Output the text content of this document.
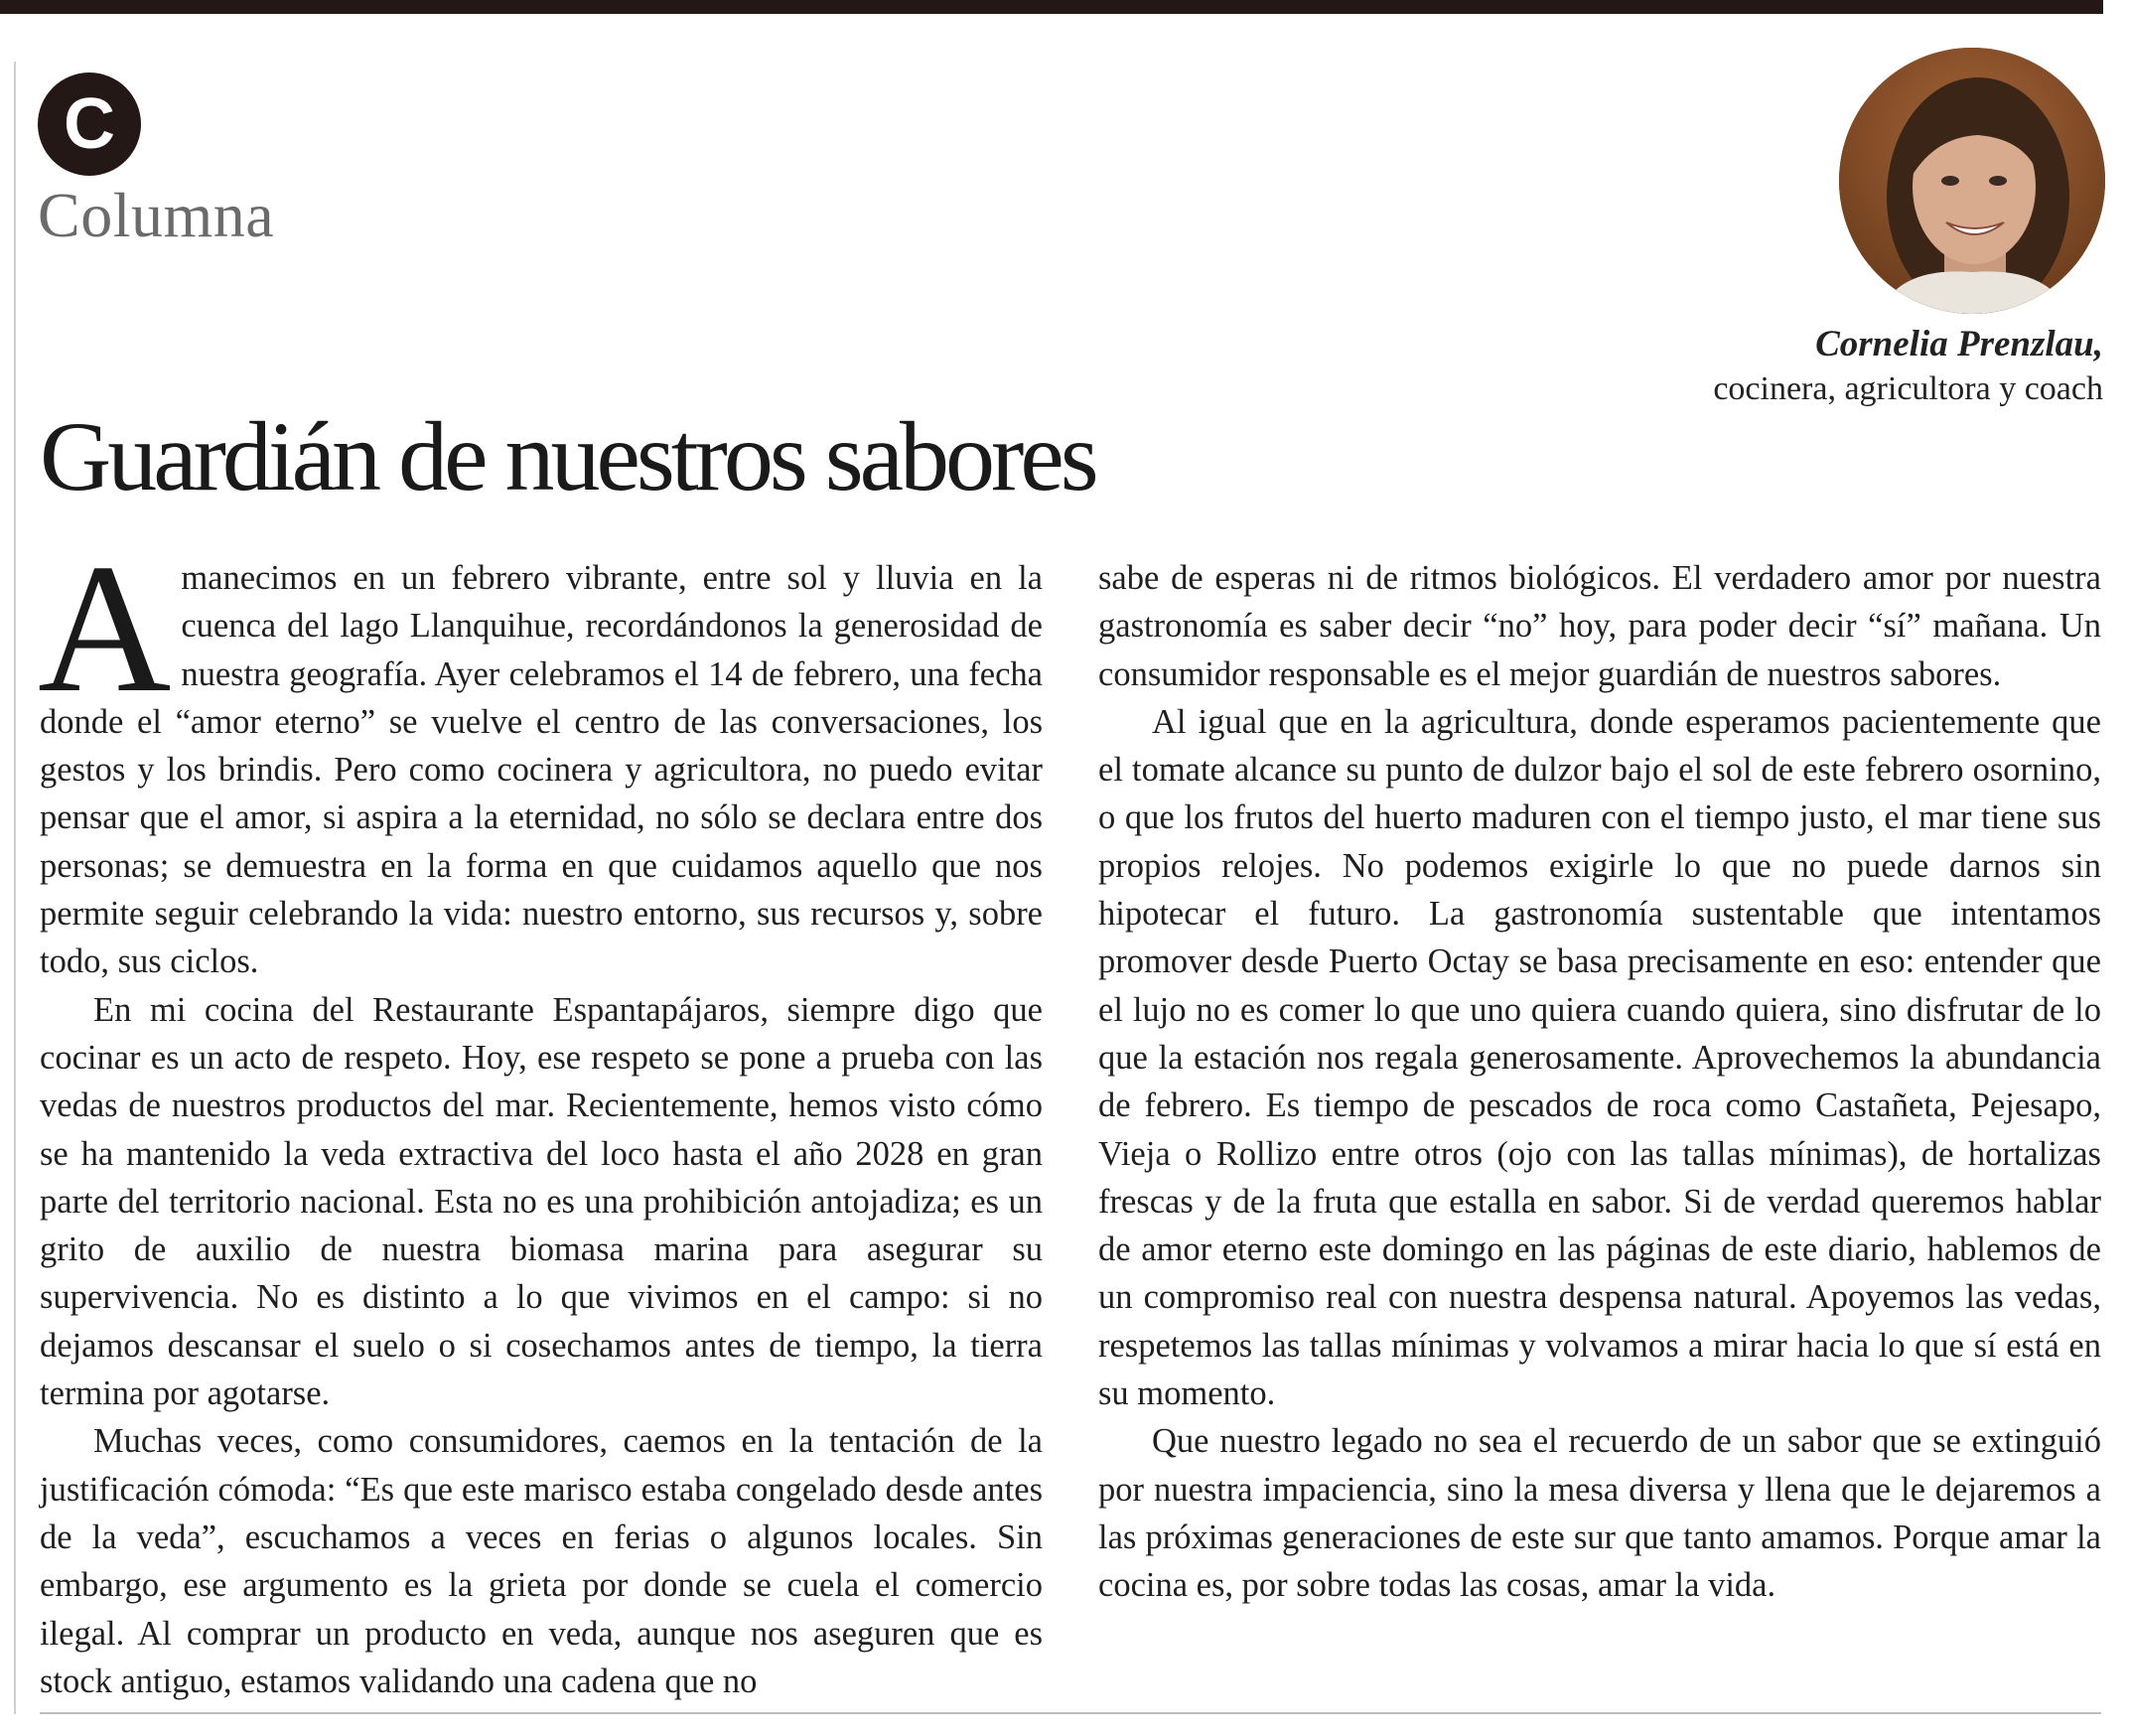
C
Columna
Cornelia Prenzlau,
cocinera, agricultora y coach
Guardián de nuestros sabores

Amanecimos en un febrero vibrante, entre sol y lluvia en la cuenca del lago Llanquihue, recordándonos la generosidad de nuestra geografía. Ayer celebramos el 14 de febrero, una fecha donde el “amor eterno” se vuelve el centro de las conversaciones, los gestos y los brindis. Pero como cocinera y agricultora, no puedo evitar pensar que el amor, si aspira a la eternidad, no sólo se declara entre dos personas; se demuestra en la forma en que cuidamos aquello que nos permite seguir celebrando la vida: nuestro entorno, sus recursos y, sobre todo, sus ciclos.

En mi cocina del Restaurante Espantapájaros, siempre digo que cocinar es un acto de respeto. Hoy, ese respeto se pone a prueba con las vedas de nuestros productos del mar. Recientemente, hemos visto cómo se ha mantenido la veda extractiva del loco hasta el año 2028 en gran parte del territorio nacional. Esta no es una prohibición antojadiza; es un grito de auxilio de nuestra biomasa marina para asegurar su supervivencia. No es distinto a lo que vivimos en el campo: si no dejamos descansar el suelo o si cosechamos antes de tiempo, la tierra termina por agotarse.

Muchas veces, como consumidores, caemos en la tentación de la justificación cómoda: “Es que este marisco estaba congelado desde antes de la veda”, escuchamos a veces en ferias o algunos locales. Sin embargo, ese argumento es la grieta por donde se cuela el comercio ilegal. Al comprar un producto en veda, aunque nos aseguren que es stock antiguo, estamos validando una cadena que no

sabe de esperas ni de ritmos biológicos. El verdadero amor por nuestra gastronomía es saber decir “no” hoy, para poder decir “sí” mañana. Un consumidor responsable es el mejor guardián de nuestros sabores.

Al igual que en la agricultura, donde esperamos pacientemente que el tomate alcance su punto de dulzor bajo el sol de este febrero osornino, o que los frutos del huerto maduren con el tiempo justo, el mar tiene sus propios relojes. No podemos exigirle lo que no puede darnos sin hipotecar el futuro. La gastronomía sustentable que intentamos promover desde Puerto Octay se basa precisamente en eso: entender que el lujo no es comer lo que uno quiera cuando quiera, sino disfrutar de lo que la estación nos regala generosamente. Aprovechemos la abundancia de febrero. Es tiempo de pescados de roca como Castañeta, Pejesapo, Vieja o Rollizo entre otros (ojo con las tallas mínimas), de hortalizas frescas y de la fruta que estalla en sabor. Si de verdad queremos hablar de amor eterno este domingo en las páginas de este diario, hablemos de un compromiso real con nuestra despensa natural. Apoyemos las vedas, respetemos las tallas mínimas y volvamos a mirar hacia lo que sí está en su momento.

Que nuestro legado no sea el recuerdo de un sabor que se extinguió por nuestra impaciencia, sino la mesa diversa y llena que le dejaremos a las próximas generaciones de este sur que tanto amamos. Porque amar la cocina es, por sobre todas las cosas, amar la vida.
